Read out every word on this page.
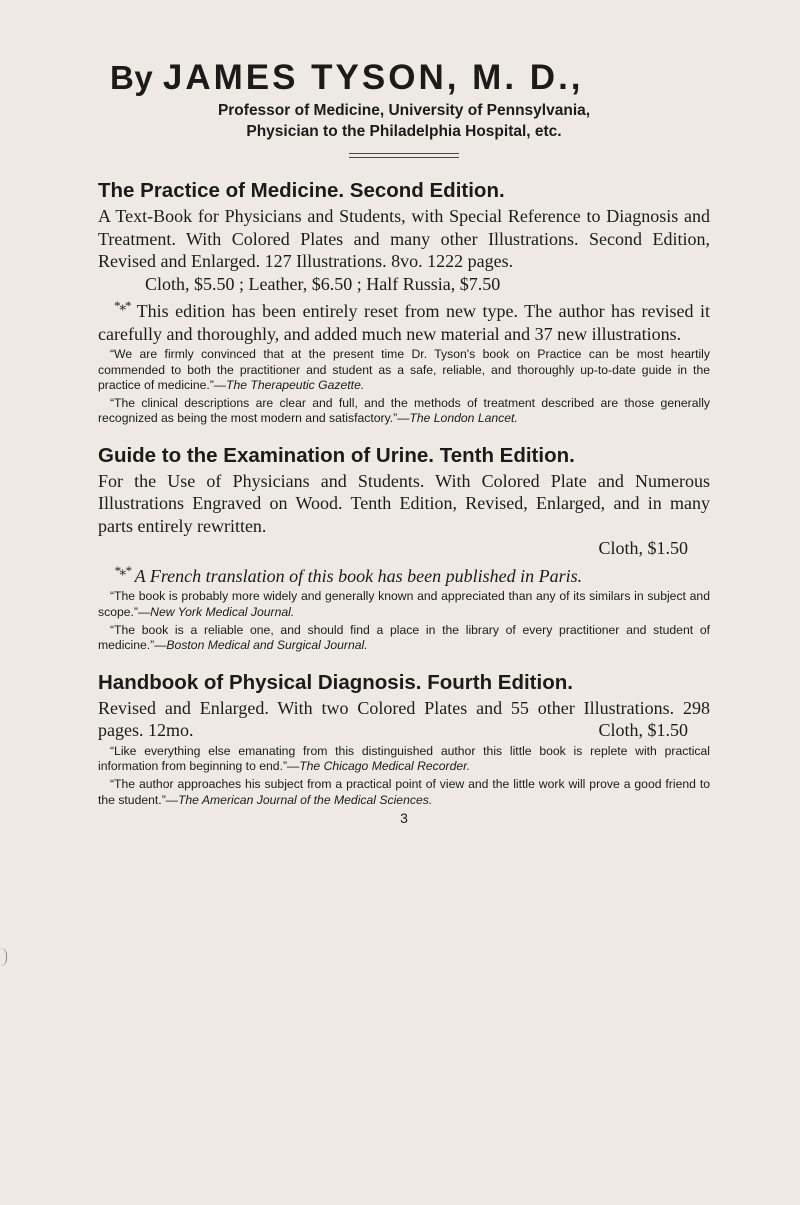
By JAMES TYSON, M. D.,
Professor of Medicine, University of Pennsylvania,
Physician to the Philadelphia Hospital, etc.
The Practice of Medicine. Second Edition.

A Text-Book for Physicians and Students, with Special Reference to Diagnosis and Treatment. With Colored Plates and many other Illustrations. Second Edition, Revised and Enlarged. 127 Illustrations. 8vo. 1222 pages.

Cloth, $5.50 ; Leather, $6.50 ; Half Russia, $7.50

*⁎* This edition has been entirely reset from new type. The author has revised it carefully and thoroughly, and added much new material and 37 new illustrations.

“We are firmly convinced that at the present time Dr. Tyson's book on Practice can be most heartily commended to both the practitioner and student as a safe, reliable, and thoroughly up-to-date guide in the practice of medicine.”—The Therapeutic Gazette.

“The clinical descriptions are clear and full, and the methods of treatment described are those generally recognized as being the most modern and satisfactory.”—The London Lancet.

Guide to the Examination of Urine. Tenth Edition.

For the Use of Physicians and Students. With Colored Plate and Numerous Illustrations Engraved on Wood. Tenth Edition, Revised, Enlarged, and in many parts entirely rewritten.

Cloth, $1.50

*⁎* A French translation of this book has been published in Paris.

“The book is probably more widely and generally known and appreciated than any of its similars in subject and scope.”—New York Medical Journal.

“The book is a reliable one, and should find a place in the library of every practitioner and student of medicine.”—Boston Medical and Surgical Journal.

Handbook of Physical Diagnosis. Fourth Edition.

Revised and Enlarged. With two Colored Plates and 55 other Illustrations. 298 pages. 12mo.	Cloth, $1.50

“Like everything else emanating from this distinguished author this little book is replete with practical information from beginning to end.”—The Chicago Medical Recorder.

“The author approaches his subject from a practical point of view and the little work will prove a good friend to the student.”—The American Journal of the Medical Sciences.

3
